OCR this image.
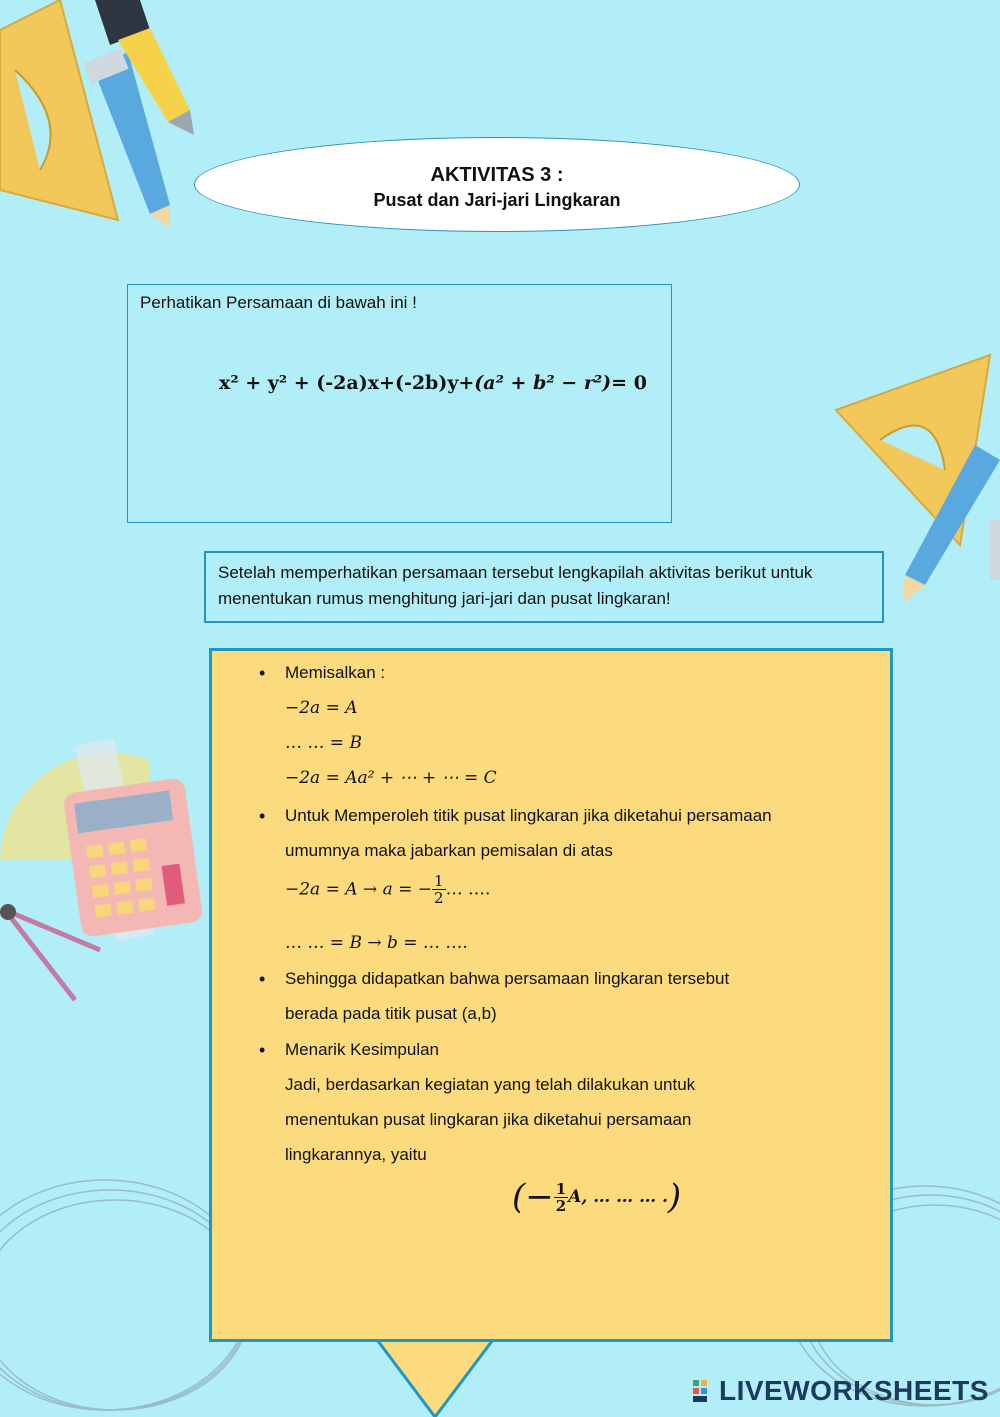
AKTIVITAS 3 :
Pusat dan Jari-jari Lingkaran
Perhatikan Persamaan di bawah ini !
x² + y² + (-2a)x+(-2b)y+(a² + b² − r²)= 0
Setelah memperhatikan persamaan tersebut lengkapilah aktivitas berikut untuk menentukan rumus menghitung jari-jari dan pusat lingkaran!
• Memisalkan :
−2a = A
… … = B
−2a = Aa² + ⋯ + ⋯ = C
• Untuk Memperoleh titik pusat lingkaran jika diketahui persamaan
umumnya maka jabarkan pemisalan di atas
−2a = A → a = − $\frac{1}{2}$ … ….
… … = B → b = … ….
• Sehingga didapatkan bahwa persamaan lingkaran tersebut
berada pada titik pusat (a,b)
• Menarik Kesimpulan
Jadi, berdasarkan kegiatan yang telah dilakukan untuk
menentukan pusat lingkaran jika diketahui persamaan
lingkarannya, yaitu
(− $\frac{1}{2} A$, … … … .)
LIVEWORKSHEETS
